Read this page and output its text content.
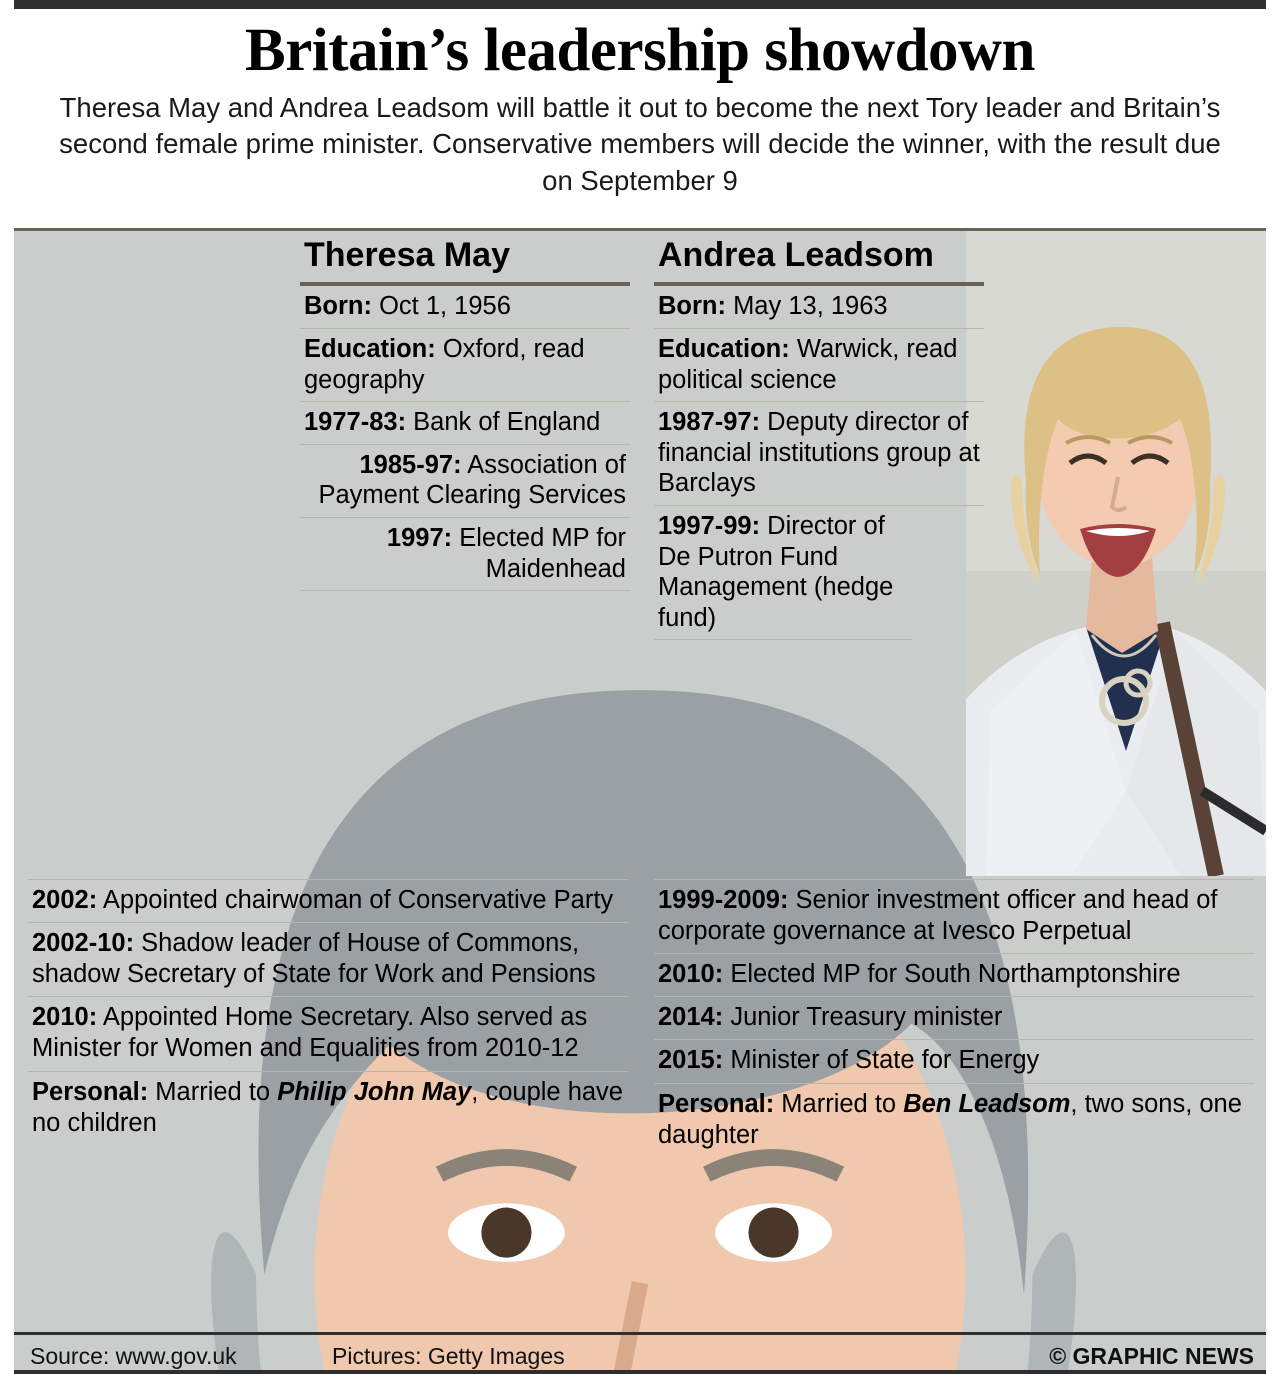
Britain’s leadership showdown
Theresa May and Andrea Leadsom will battle it out to become the next Tory leader and Britain’s second female prime minister. Conservative members will decide the winner, with the result due on September 9
Theresa May
Born: Oct 1, 1956
Education: Oxford, read geography
1977-83: Bank of England
1985-97: Association of Payment Clearing Services
1997: Elected MP for Maidenhead
Andrea Leadsom
Born: May 13, 1963
Education: Warwick, read political science
1987-97: Deputy director of financial institutions group at Barclays
1997-99: Director of De Putron Fund Management (hedge fund)
2002: Appointed chairwoman of Conservative Party
2002-10: Shadow leader of House of Commons, shadow Secretary of State for Work and Pensions
2010: Appointed Home Secretary. Also served as Minister for Women and Equalities from 2010-12
Personal: Married to Philip John May, couple have no children
1999-2009: Senior investment officer and head of corporate governance at Ivesco Perpetual
2010: Elected MP for South Northamptonshire
2014: Junior Treasury minister
2015: Minister of State for Energy
Personal: Married to Ben Leadsom, two sons, one daughter
Source: www.gov.uk	Pictures: Getty Images	© GRAPHIC NEWS
